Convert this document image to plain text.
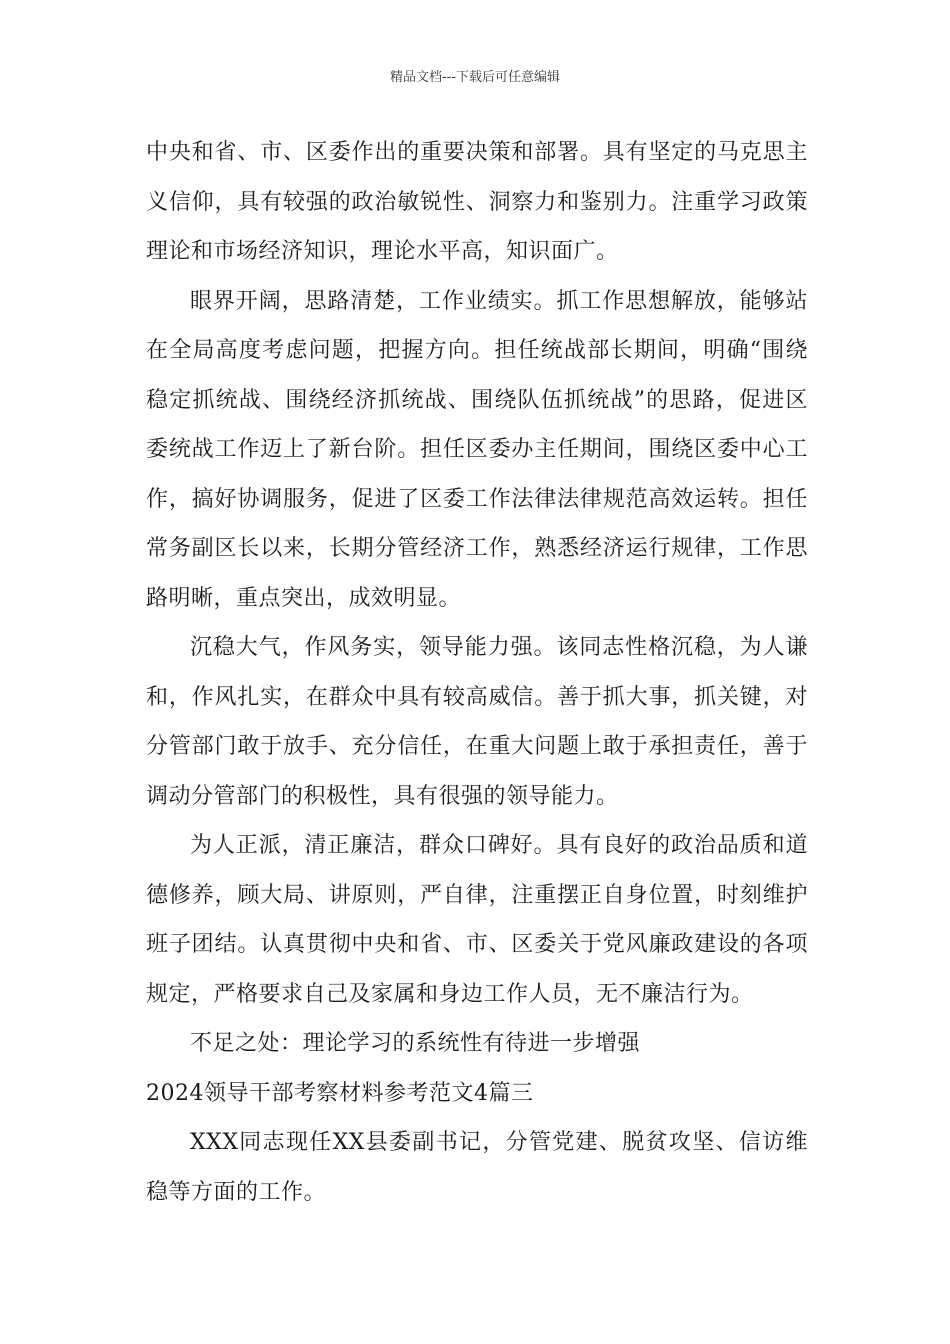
精品文档---下载后可任意编辑

中央和省、市、区委作出的重要决策和部署。具有坚定的马克思主义信仰，具有较强的政治敏锐性、洞察力和鉴别力。注重学习政策理论和市场经济知识，理论水平高，知识面广。

眼界开阔，思路清楚，工作业绩实。抓工作思想解放，能够站在全局高度考虑问题，把握方向。担任统战部长期间，明确“围绕稳定抓统战、围绕经济抓统战、围绕队伍抓统战”的思路，促进区委统战工作迈上了新台阶。担任区委办主任期间，围绕区委中心工作，搞好协调服务，促进了区委工作法律法律规范高效运转。担任常务副区长以来，长期分管经济工作，熟悉经济运行规律，工作思路明晰，重点突出，成效明显。

沉稳大气，作风务实，领导能力强。该同志性格沉稳，为人谦和，作风扎实，在群众中具有较高威信。善于抓大事，抓关键，对分管部门敢于放手、充分信任，在重大问题上敢于承担责任，善于调动分管部门的积极性，具有很强的领导能力。

为人正派，清正廉洁，群众口碑好。具有良好的政治品质和道德修养，顾大局、讲原则，严自律，注重摆正自身位置，时刻维护班子团结。认真贯彻中央和省、市、区委关于党风廉政建设的各项规定，严格要求自己及家属和身边工作人员，无不廉洁行为。

不足之处：理论学习的系统性有待进一步增强

2024领导干部考察材料参考范文4篇三

XXX同志现任XX县委副书记，分管党建、脱贫攻坚、信访维稳等方面的工作。
